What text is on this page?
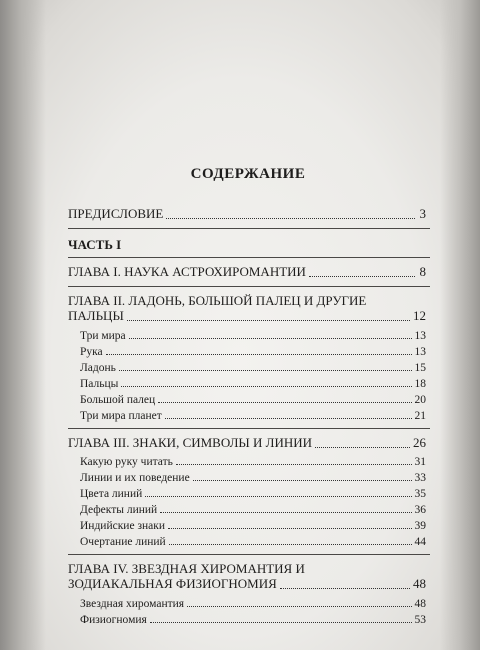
СОДЕРЖАНИЕ
ПРЕДИСЛОВИЕ	3
ЧАСТЬ I
ГЛАВА I. НАУКА АСТРОХИРОМАНТИИ	8
ГЛАВА II. ЛАДОНЬ, БОЛЬШОЙ ПАЛЕЦ И ДРУГИЕ
ПАЛЬЦЫ	12
Три мира	13
Рука	13
Ладонь	15
Пальцы	18
Большой палец	20
Три мира планет	21
ГЛАВА III. ЗНАКИ, СИМВОЛЫ И ЛИНИИ	26
Какую руку читать	31
Линии и их поведение	33
Цвета линий	35
Дефекты линий	36
Индийские знаки	39
Очертание линий	44
ГЛАВА IV. ЗВЕЗДНАЯ ХИРОМАНТИЯ И
ЗОДИАКАЛЬНАЯ ФИЗИОГНОМИЯ	48
Звездная хиромантия	48
Физиогномия	53
